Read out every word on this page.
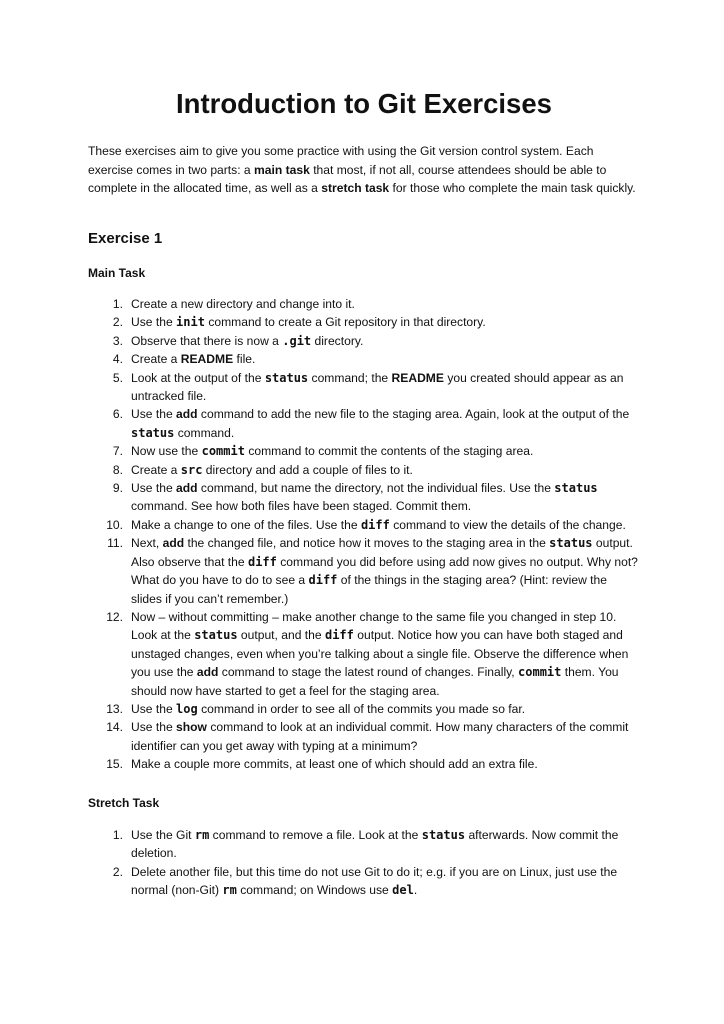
Introduction to Git Exercises

These exercises aim to give you some practice with using the Git version control system. Each exercise comes in two parts: a main task that most, if not all, course attendees should be able to complete in the allocated time, as well as a stretch task for those who complete the main task quickly.

Exercise 1
Main Task
1. Create a new directory and change into it.
2. Use the init command to create a Git repository in that directory.
3. Observe that there is now a .git directory.
4. Create a README file.
5. Look at the output of the status command; the README you created should appear as an untracked file.
6. Use the add command to add the new file to the staging area. Again, look at the output of the status command.
7. Now use the commit command to commit the contents of the staging area.
8. Create a src directory and add a couple of files to it.
9. Use the add command, but name the directory, not the individual files. Use the status command. See how both files have been staged. Commit them.
10. Make a change to one of the files. Use the diff command to view the details of the change.
11. Next, add the changed file, and notice how it moves to the staging area in the status output. Also observe that the diff command you did before using add now gives no output. Why not? What do you have to do to see a diff of the things in the staging area? (Hint: review the slides if you can’t remember.)
12. Now – without committing – make another change to the same file you changed in step 10. Look at the status output, and the diff output. Notice how you can have both staged and unstaged changes, even when you’re talking about a single file. Observe the difference when you use the add command to stage the latest round of changes. Finally, commit them. You should now have started to get a feel for the staging area.
13. Use the log command in order to see all of the commits you made so far.
14. Use the show command to look at an individual commit. How many characters of the commit identifier can you get away with typing at a minimum?
15. Make a couple more commits, at least one of which should add an extra file.
Stretch Task
1. Use the Git rm command to remove a file. Look at the status afterwards. Now commit the deletion.
2. Delete another file, but this time do not use Git to do it; e.g. if you are on Linux, just use the normal (non-Git) rm command; on Windows use del.
